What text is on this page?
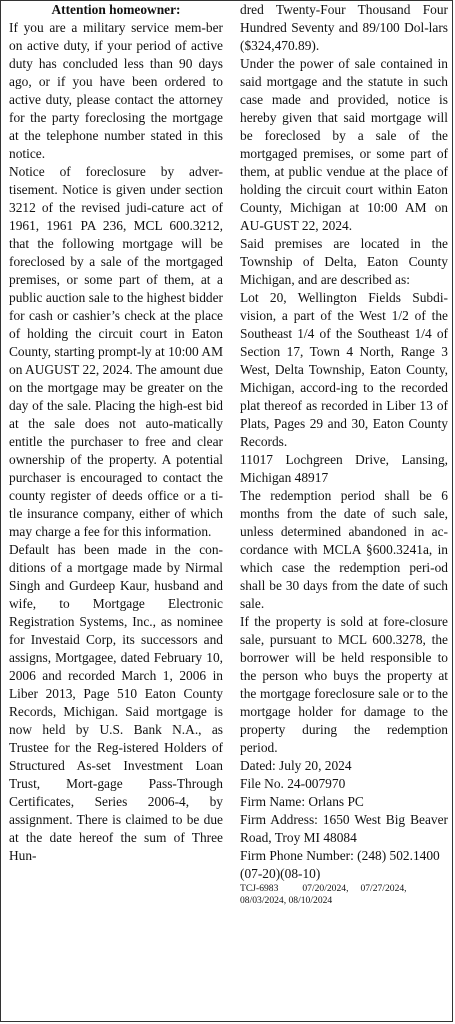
Attention homeowner:

If you are a military service mem-ber on active duty, if your period of active duty has concluded less than 90 days ago, or if you have been ordered to active duty, please contact the attorney for the party foreclosing the mortgage at the telephone number stated in this notice.

Notice of foreclosure by adver-tisement. Notice is given under section 3212 of the revised judi-cature act of 1961, 1961 PA 236, MCL 600.3212, that the following mortgage will be foreclosed by a sale of the mortgaged premises, or some part of them, at a public auction sale to the highest bidder for cash or cashier’s check at the place of holding the circuit court in Eaton County, starting prompt-ly at 10:00 AM on AUGUST 22, 2024. The amount due on the mortgage may be greater on the day of the sale. Placing the high-est bid at the sale does not auto-matically entitle the purchaser to free and clear ownership of the property. A potential purchaser is encouraged to contact the county register of deeds office or a ti-tle insurance company, either of which may charge a fee for this information.

Default has been made in the con-ditions of a mortgage made by Nirmal Singh and Gurdeep Kaur, husband and wife, to Mortgage Electronic Registration Systems, Inc., as nominee for Investaid Corp, its successors and assigns, Mortgagee, dated February 10, 2006 and recorded March 1, 2006 in Liber 2013, Page 510 Eaton County Records, Michigan. Said mortgage is now held by U.S. Bank N.A., as Trustee for the Reg-istered Holders of Structured As-set Investment Loan Trust, Mort-gage Pass-Through Certificates, Series 2006-4, by assignment. There is claimed to be due at the date hereof the sum of Three Hun-

dred Twenty-Four Thousand Four Hundred Seventy and 89/100 Dol-lars ($324,470.89).

Under the power of sale contained in said mortgage and the statute in such case made and provided, notice is hereby given that said mortgage will be foreclosed by a sale of the mortgaged premises, or some part of them, at public vendue at the place of holding the circuit court within Eaton County, Michigan at 10:00 AM on AU-GUST 22, 2024.

Said premises are located in the Township of Delta, Eaton County Michigan, and are described as:

Lot 20, Wellington Fields Subdi-vision, a part of the West 1/2 of the Southeast 1/4 of the Southeast 1/4 of Section 17, Town 4 North, Range 3 West, Delta Township, Eaton County, Michigan, accord-ing to the recorded plat thereof as recorded in Liber 13 of Plats, Pages 29 and 30, Eaton County Records.

11017 Lochgreen Drive, Lansing, Michigan 48917

The redemption period shall be 6 months from the date of such sale, unless determined abandoned in ac-cordance with MCLA §600.3241a, in which case the redemption peri-od shall be 30 days from the date of such sale.

If the property is sold at fore-closure sale, pursuant to MCL 600.3278, the borrower will be held responsible to the person who buys the property at the mortgage foreclosure sale or to the mortgage holder for damage to the property during the redemption period.

Dated: July 20, 2024

File No. 24-007970

Firm Name: Orlans PC

Firm Address: 1650 West Big Beaver Road, Troy MI 48084

Firm Phone Number: (248) 502.1400

(07-20)(08-10)

TCJ-6983          07/20/2024,     07/27/2024,
08/03/2024, 08/10/2024
